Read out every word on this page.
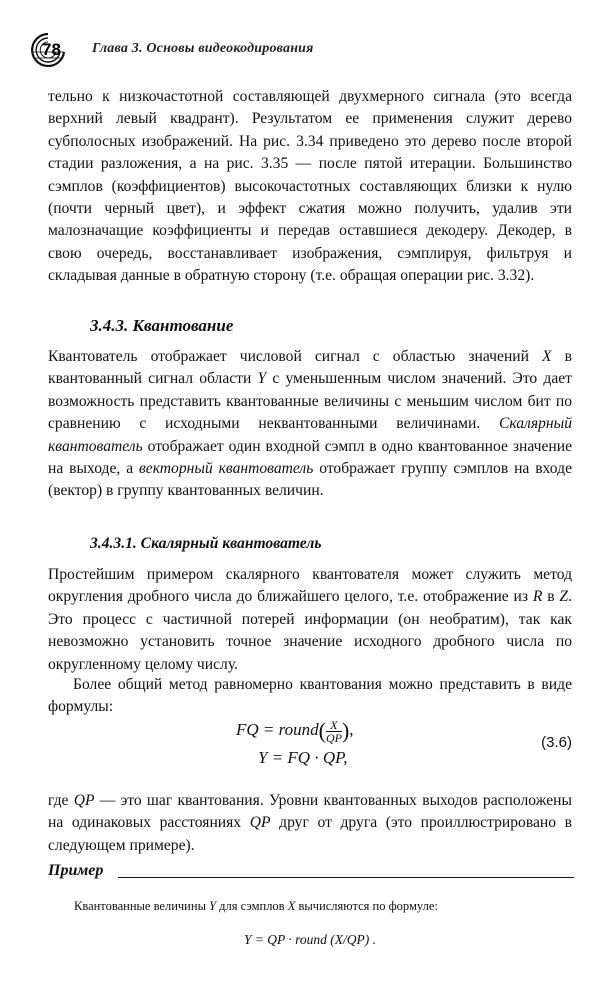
78 Глава 3. Основы видеокодирования

тельно к низкочастотной составляющей двухмерного сигнала (это всегда верхний левый квадрант). Результатом ее применения служит дерево субполосных изображений. На рис. 3.34 приведено это дерево после второй стадии разложения, а на рис. 3.35 — после пятой итерации. Большинство сэмплов (коэффициентов) высокочастотных составляющих близки к нулю (почти черный цвет), и эффект сжатия можно получить, удалив эти малозначащие коэффициенты и передав оставшиеся декодеру. Декодер, в свою очередь, восстанавливает изображения, сэмплируя, фильтруя и складывая данные в обратную сторону (т.е. обращая операции рис. 3.32).

3.4.3. Квантование

Квантователь отображает числовой сигнал с областью значений X в квантованный сигнал области Y с уменьшенным числом значений. Это дает возможность представить квантованные величины с меньшим числом бит по сравнению с исходными неквантованными величинами. Скалярный квантователь отображает один входной сэмпл в одно квантованное значение на выходе, а векторный квантователь отображает группу сэмплов на входе (вектор) в группу квантованных величин.

3.4.3.1. Скалярный квантователь

Простейшим примером скалярного квантователя может служить метод округления дробного числа до ближайшего целого, т.е. отображение из R в Z. Это процесс с частичной потерей информации (он необратим), так как невозможно установить точное значение исходного дробного числа по округленному целому числу.

Более общий метод равномерно квантования можно представить в виде формулы:

FQ = round( $\frac{X}{QP}$ ),
Y = FQ · QP,
(3.6)

где QP — это шаг квантования. Уровни квантованных выходов расположены на одинаковых расстояниях QP друг от друга (это проиллюстрировано в следующем примере).

Пример

Квантованные величины Y для сэмплов X вычисляются по формуле:

Y = QP · round (X/QP) .
